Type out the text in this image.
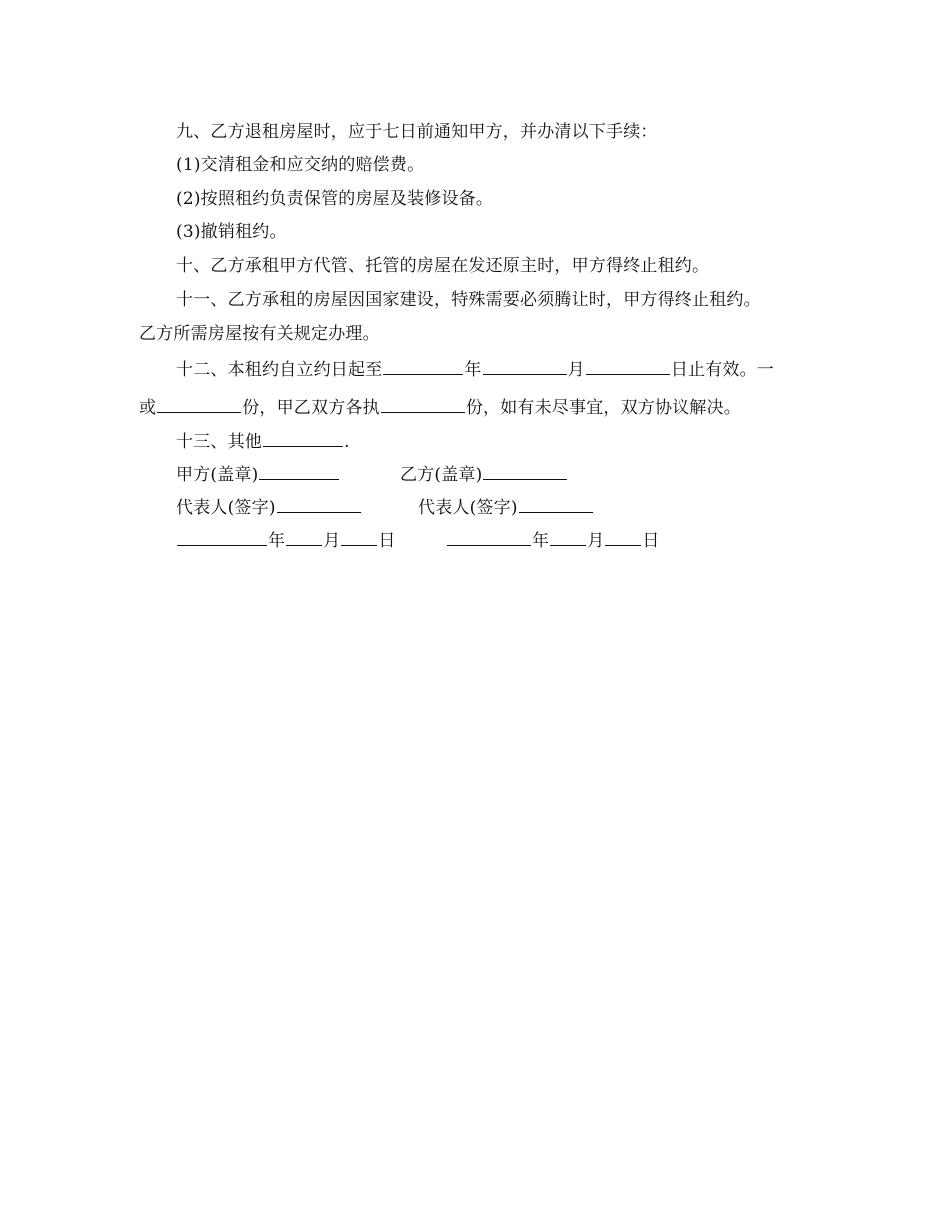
九、乙方退租房屋时，应于七日前通知甲方，并办清以下手续：
(1)交清租金和应交纳的赔偿费。
(2)按照租约负责保管的房屋及装修设备。
(3)撤销租约。
十、乙方承租甲方代管、托管的房屋在发还原主时，甲方得终止租约。
十一、乙方承租的房屋因国家建设，特殊需要必须腾让时，甲方得终止租约。
乙方所需房屋按有关规定办理。
十二、本租约自立约日起至	年	月	日止有效。一
或	份，甲乙双方各执	份，如有未尽事宜，双方协议解决。
十三、其他	.
甲方(盖章)	乙方(盖章)
代表人(签字)	代表人(签字)
年 月 日	年 月 日
